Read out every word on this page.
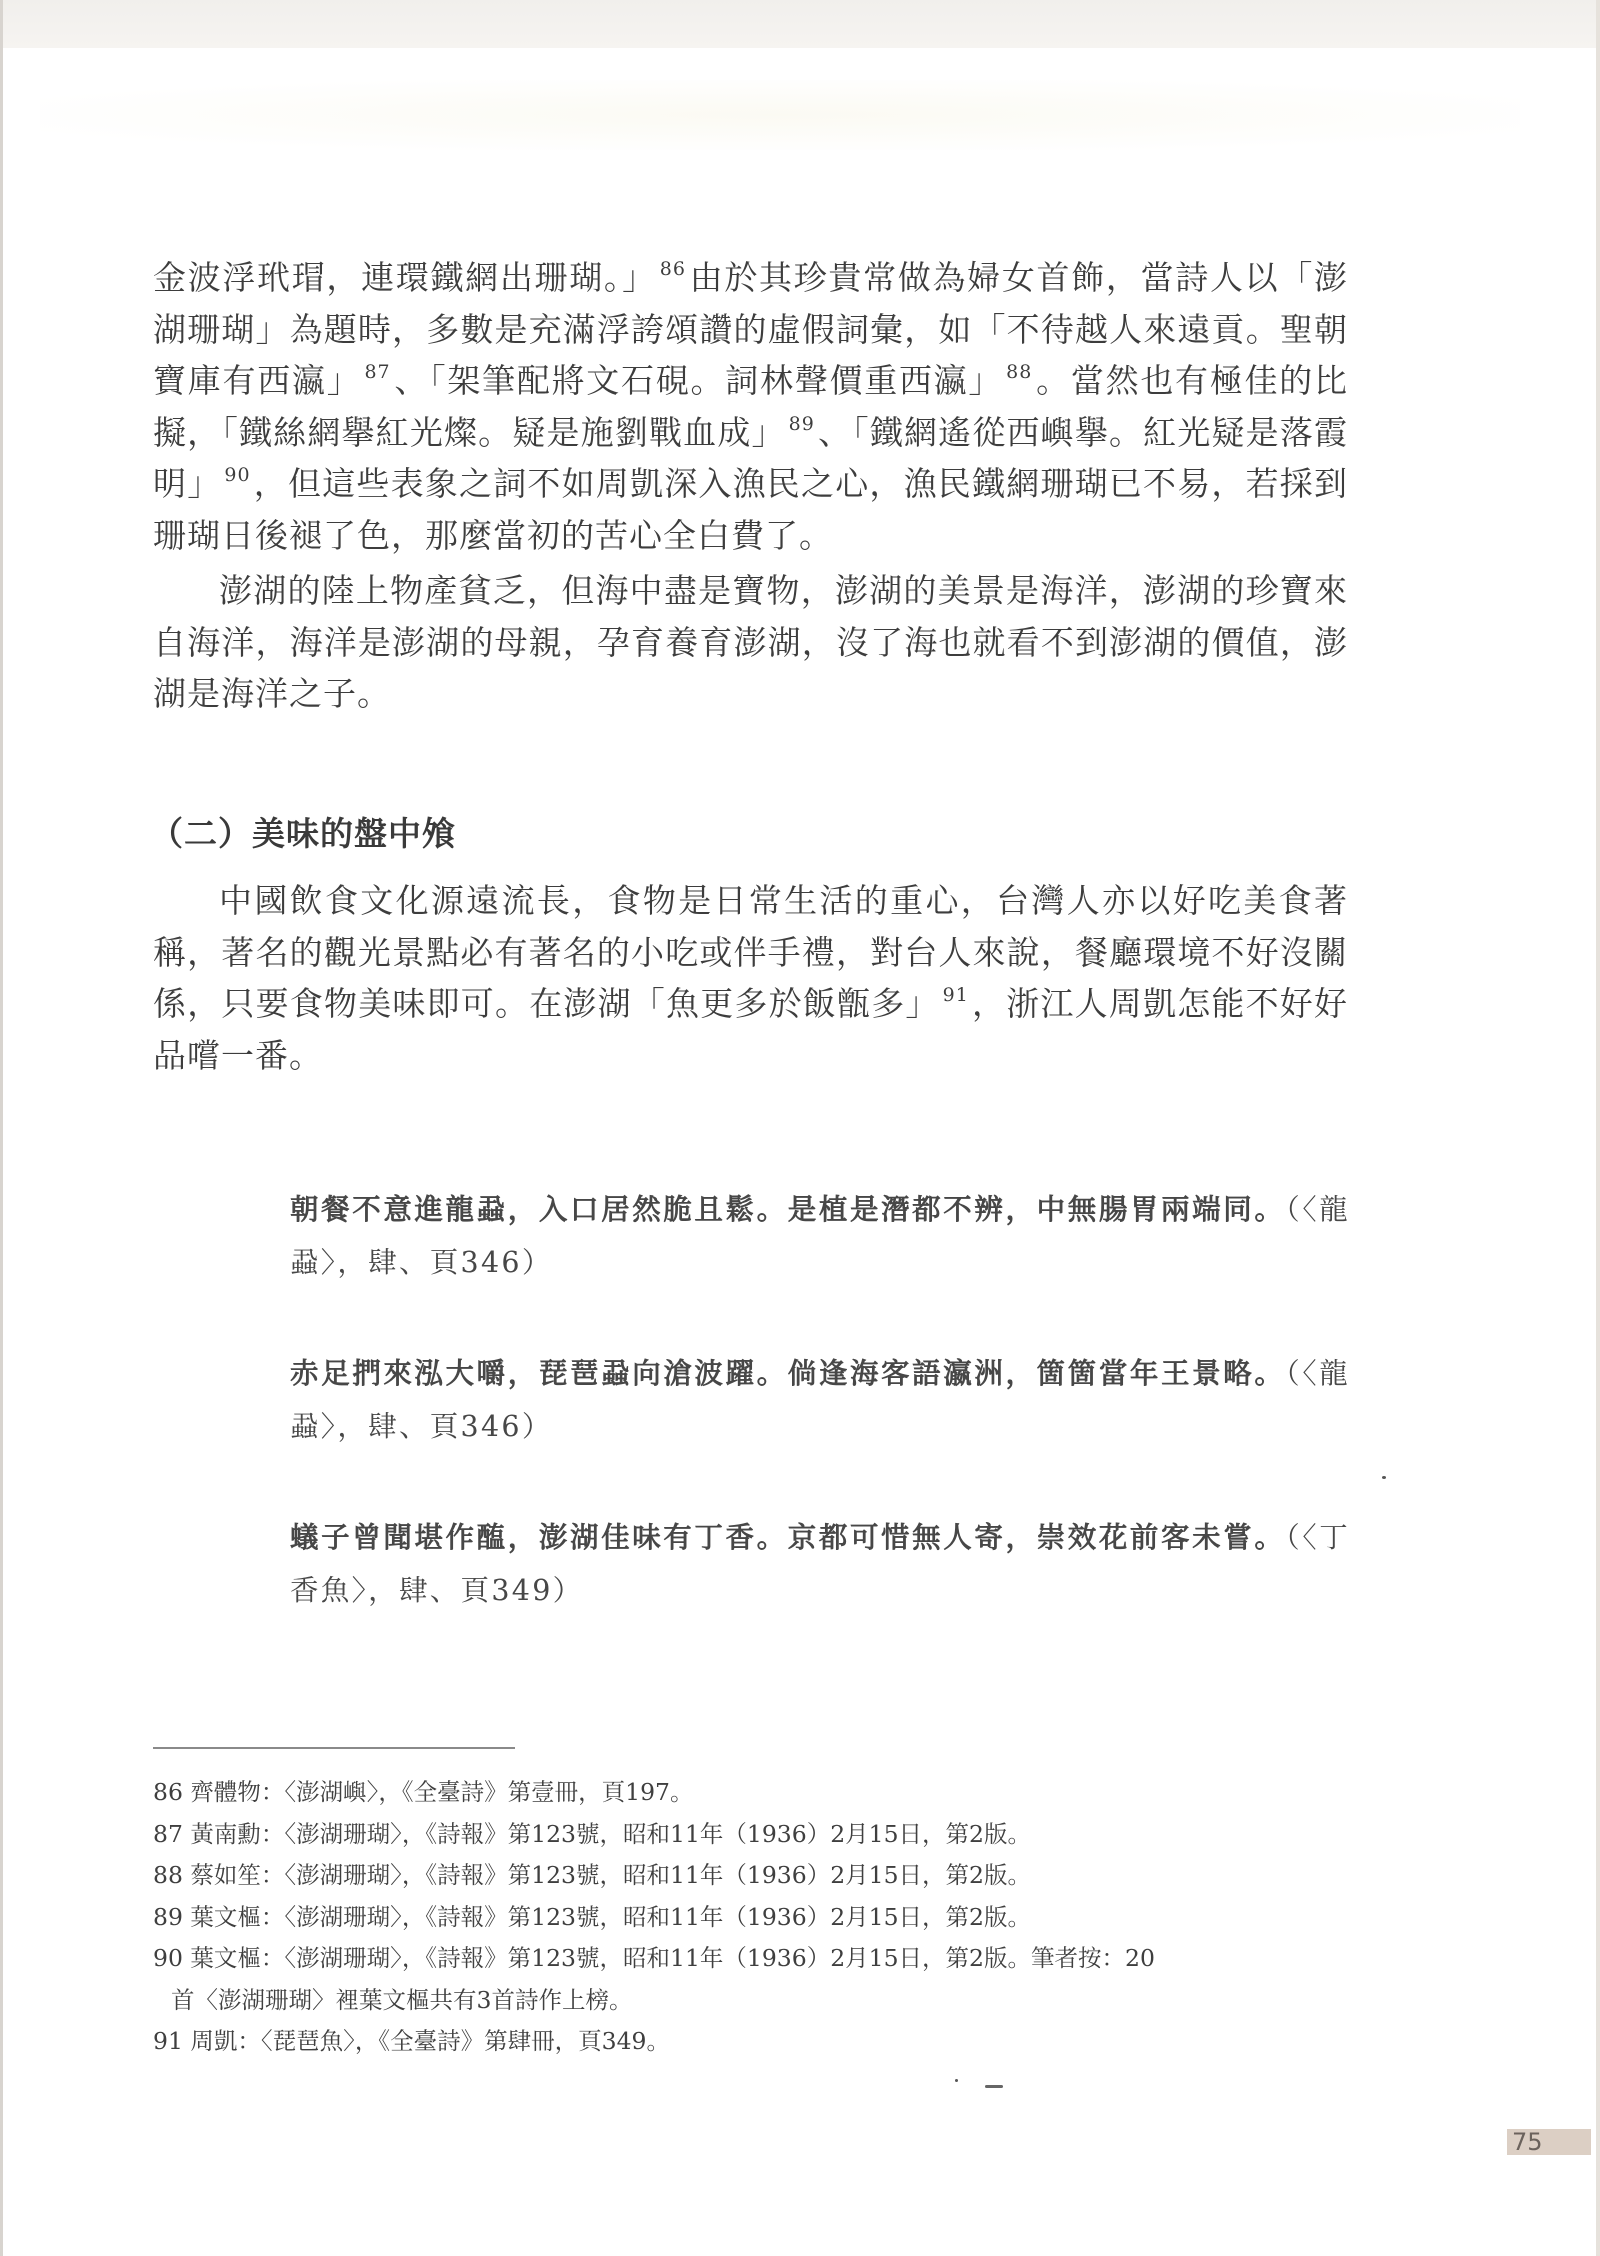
金波浮玳瑁，連環鐵網出珊瑚。」 $^{86}$由於其珍貴常做為婦女首飾，當詩人以「澎湖珊瑚」為題時，多數是充滿浮誇頌讚的虛假詞彙，如「不待越人來遠貢。聖朝寶庫有西瀛」 $^{87}$、「架筆配將文石硯。詞林聲價重西瀛」 $^{88}$。當然也有極佳的比擬，「鐵絲網擧紅光燦。疑是施劉戰血成」 $^{89}$、「鐵網遙從西嶼擧。紅光疑是落霞明」 $^{90}$，但這些表象之詞不如周凱深入漁民之心，漁民鐵網珊瑚已不易，若採到珊瑚日後褪了色，那麼當初的苦心全白費了。

澎湖的陸上物產貧乏，但海中盡是寶物，澎湖的美景是海洋，澎湖的珍寶來自海洋，海洋是澎湖的母親，孕育養育澎湖，沒了海也就看不到澎湖的價值，澎湖是海洋之子。

（二）美味的盤中飧

中國飲食文化源遠流長，食物是日常生活的重心，台灣人亦以好吃美食著稱，著名的觀光景點必有著名的小吃或伴手禮，對台人來說，餐廳環境不好沒關係，只要食物美味即可。在澎湖「魚更多於飯甑多」 $^{91}$，浙江人周凱怎能不好好品嚐一番。

朝餐不意進龍蝨，入口居然脆且鬆。是植是潛都不辨，中無腸胃兩端同。（〈龍蝨〉，肆、頁346）
赤足捫來泓大嚼，琵琶蝨向滄波躍。倘逢海客語瀛洲，箇箇當年王景略。（〈龍蝨〉，肆、頁346）
蟻子曾聞堪作醢，澎湖佳味有丁香。京都可惜無人寄，崇效花前客未嘗。（〈丁香魚〉，肆、頁349）

86 齊體物：〈澎湖嶼〉，《全臺詩》第壹冊，頁197。

87 黃南勳：〈澎湖珊瑚〉，《詩報》第123號，昭和11年（1936）2月15日，第2版。

88 蔡如笙：〈澎湖珊瑚〉，《詩報》第123號，昭和11年（1936）2月15日，第2版。

89 葉文樞：〈澎湖珊瑚〉，《詩報》第123號，昭和11年（1936）2月15日，第2版。

90 葉文樞：〈澎湖珊瑚〉，《詩報》第123號，昭和11年（1936）2月15日，第2版。筆者按：20

首〈澎湖珊瑚〉裡葉文樞共有3首詩作上榜。

91 周凱：〈琵琶魚〉，《全臺詩》第肆冊，頁349。

75
